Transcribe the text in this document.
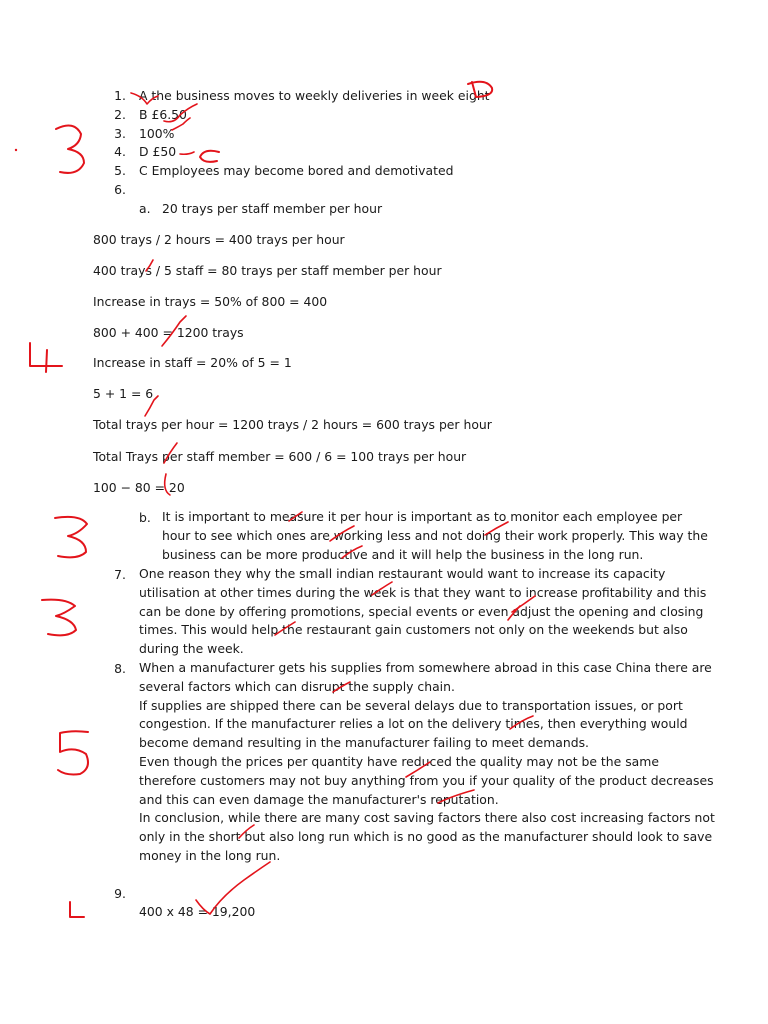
1. A the business moves to weekly deliveries in week eight
2. B £6.50
3. 100%
4. D £50
5. C Employees may become bored and demotivated
6.
a. 20 trays per staff member per hour
800 trays / 2 hours = 400 trays per hour
400 trays / 5 staff = 80 trays per staff member per hour
Increase in trays = 50% of 800 = 400
800 + 400 = 1200 trays
Increase in staff = 20% of 5 = 1
5 + 1 = 6
Total trays per hour = 1200 trays / 2 hours = 600 trays per hour
Total Trays per staff member = 600 / 6 = 100 trays per hour
100 − 80 = 20
b. It is important to measure it per hour is important as to monitor each employee per
hour to see which ones are working less and not doing their work properly. This way the
business can be more productive and it will help the business in the long run.
7. One reason they why the small indian restaurant would want to increase its capacity
utilisation at other times during the week is that they want to increase profitability and this
can be done by offering promotions, special events or even adjust the opening and closing
times. This would help the restaurant gain customers not only on the weekends but also
during the week.
8. When a manufacturer gets his supplies from somewhere abroad in this case China there are
several factors which can disrupt the supply chain.
If supplies are shipped there can be several delays due to transportation issues, or port
congestion. If the manufacturer relies a lot on the delivery times, then everything would
become demand resulting in the manufacturer failing to meet demands.
Even though the prices per quantity have reduced the quality may not be the same
therefore customers may not buy anything from you if your quality of the product decreases
and this can even damage the manufacturer's reputation.
In conclusion, while there are many cost saving factors there also cost increasing factors not
only in the short but also long run which is no good as the manufacturer should look to save
money in the long run.
9.
400 x 48 = 19,200
